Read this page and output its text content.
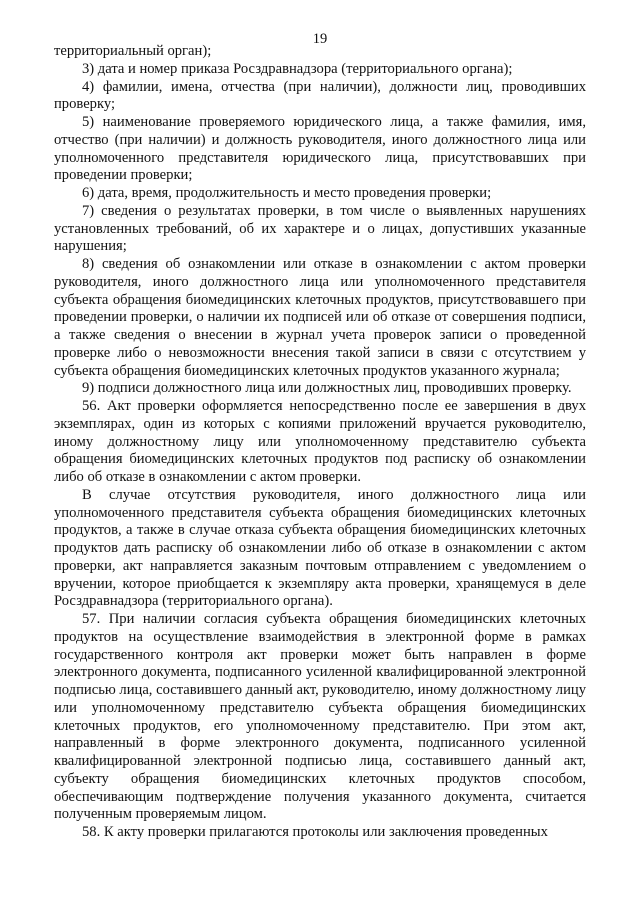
19

территориальный орган);

3) дата и номер приказа Росздравнадзора (территориального органа);

4) фамилии, имена, отчества (при наличии), должности лиц, проводивших проверку;

5) наименование проверяемого юридического лица, а также фамилия, имя, отчество (при наличии) и должность руководителя, иного должностного лица или уполномоченного представителя юридического лица, присутствовавших при проведении проверки;

6) дата, время, продолжительность и место проведения проверки;

7) сведения о результатах проверки, в том числе о выявленных нарушениях установленных требований, об их характере и о лицах, допустивших указанные нарушения;

8) сведения об ознакомлении или отказе в ознакомлении с актом проверки руководителя, иного должностного лица или уполномоченного представителя субъекта обращения биомедицинских клеточных продуктов, присутствовавшего при проведении проверки, о наличии их подписей или об отказе от совершения подписи, а также сведения о внесении в журнал учета проверок записи о проведенной проверке либо о невозможности внесения такой записи в связи с отсутствием у субъекта обращения биомедицинских клеточных продуктов указанного журнала;

9) подписи должностного лица или должностных лиц, проводивших проверку.

56. Акт проверки оформляется непосредственно после ее завершения в двух экземплярах, один из которых с копиями приложений вручается руководителю, иному должностному лицу или уполномоченному представителю субъекта обращения биомедицинских клеточных продуктов под расписку об ознакомлении либо об отказе в ознакомлении с актом проверки.

В случае отсутствия руководителя, иного должностного лица или уполномоченного представителя субъекта обращения биомедицинских клеточных продуктов, а также в случае отказа субъекта обращения биомедицинских клеточных продуктов дать расписку об ознакомлении либо об отказе в ознакомлении с актом проверки, акт направляется заказным почтовым отправлением с уведомлением о вручении, которое приобщается к экземпляру акта проверки, хранящемуся в деле Росздравнадзора (территориального органа).

57. При наличии согласия субъекта обращения биомедицинских клеточных продуктов на осуществление взаимодействия в электронной форме в рамках государственного контроля акт проверки может быть направлен в форме электронного документа, подписанного усиленной квалифицированной электронной подписью лица, составившего данный акт, руководителю, иному должностному лицу или уполномоченному представителю субъекта обращения биомедицинских клеточных продуктов, его уполномоченному представителю. При этом акт, направленный в форме электронного документа, подписанного усиленной квалифицированной электронной подписью лица, составившего данный акт, субъекту обращения биомедицинских клеточных продуктов способом, обеспечивающим подтверждение получения указанного документа, считается полученным проверяемым лицом.

58. К акту проверки прилагаются протоколы или заключения проведенных
